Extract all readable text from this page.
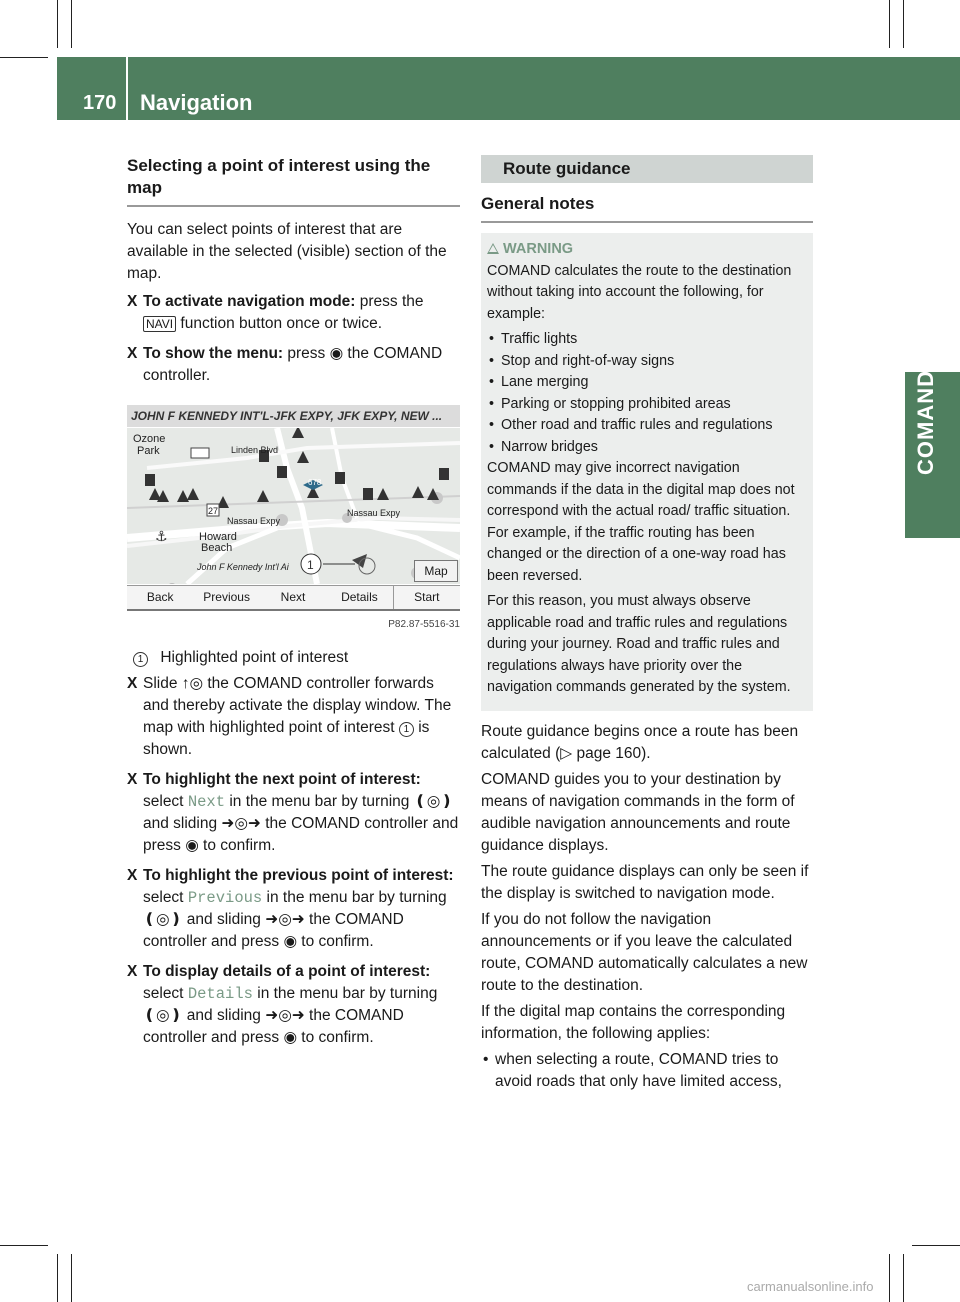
170 Navigation
COMAND
Selecting a point of interest using the map

You can select points of interest that are available in the selected (visible) section of the map.

X To activate navigation mode: press the NAVI function button once or twice.
X To show the menu: press ◉ the COMAND controller.
JOHN F KENNEDY INT'L-JFK EXPY, JFK EXPY, NEW ...
⚓
1
Ozone
Park
Howard
Beach
Linden Blvd
Nassau Expy
Nassau Expy
John F Kennedy Int'l Ai
678
27
Map
Back	Previous	Next	Details	Start
P82.87-5516-31

1 Highlighted point of interest

X Slide ↑◎ the COMAND controller forwards and thereby activate the display window. The map with highlighted point of interest 1 is shown.
X To highlight the next point of interest: select Next in the menu bar by turning ❪◎❫ and sliding ➜◎➜ the COMAND controller and press ◉ to confirm.
X To highlight the previous point of interest: select Previous in the menu bar by turning ❪◎❫ and sliding ➜◎➜ the COMAND controller and press ◉ to confirm.
X To display details of a point of interest: select Details in the menu bar by turning ❪◎❫ and sliding ➜◎➜ the COMAND controller and press ◉ to confirm.
Route guidance
General notes
WARNING

COMAND calculates the route to the destination without taking into account the following, for example:

• Traffic lights
• Stop and right-of-way signs
• Lane merging
• Parking or stopping prohibited areas
• Other road and traffic rules and regulations
• Narrow bridges

COMAND may give incorrect navigation commands if the data in the digital map does not correspond with the actual road/ traffic situation. For example, if the traffic routing has been changed or the direction of a one-way road has been reversed.

For this reason, you must always observe applicable road and traffic rules and regulations during your journey. Road and traffic rules and regulations always have priority over the navigation commands generated by the system.

Route guidance begins once a route has been calculated (▷ page 160).

COMAND guides you to your destination by means of navigation commands in the form of audible navigation announcements and route guidance displays.

The route guidance displays can only be seen if the display is switched to navigation mode.

If you do not follow the navigation announcements or if you leave the calculated route, COMAND automatically calculates a new route to the destination.

If the digital map contains the corresponding information, the following applies:

• when selecting a route, COMAND tries to avoid roads that only have limited access,
carmanualsonline.info
